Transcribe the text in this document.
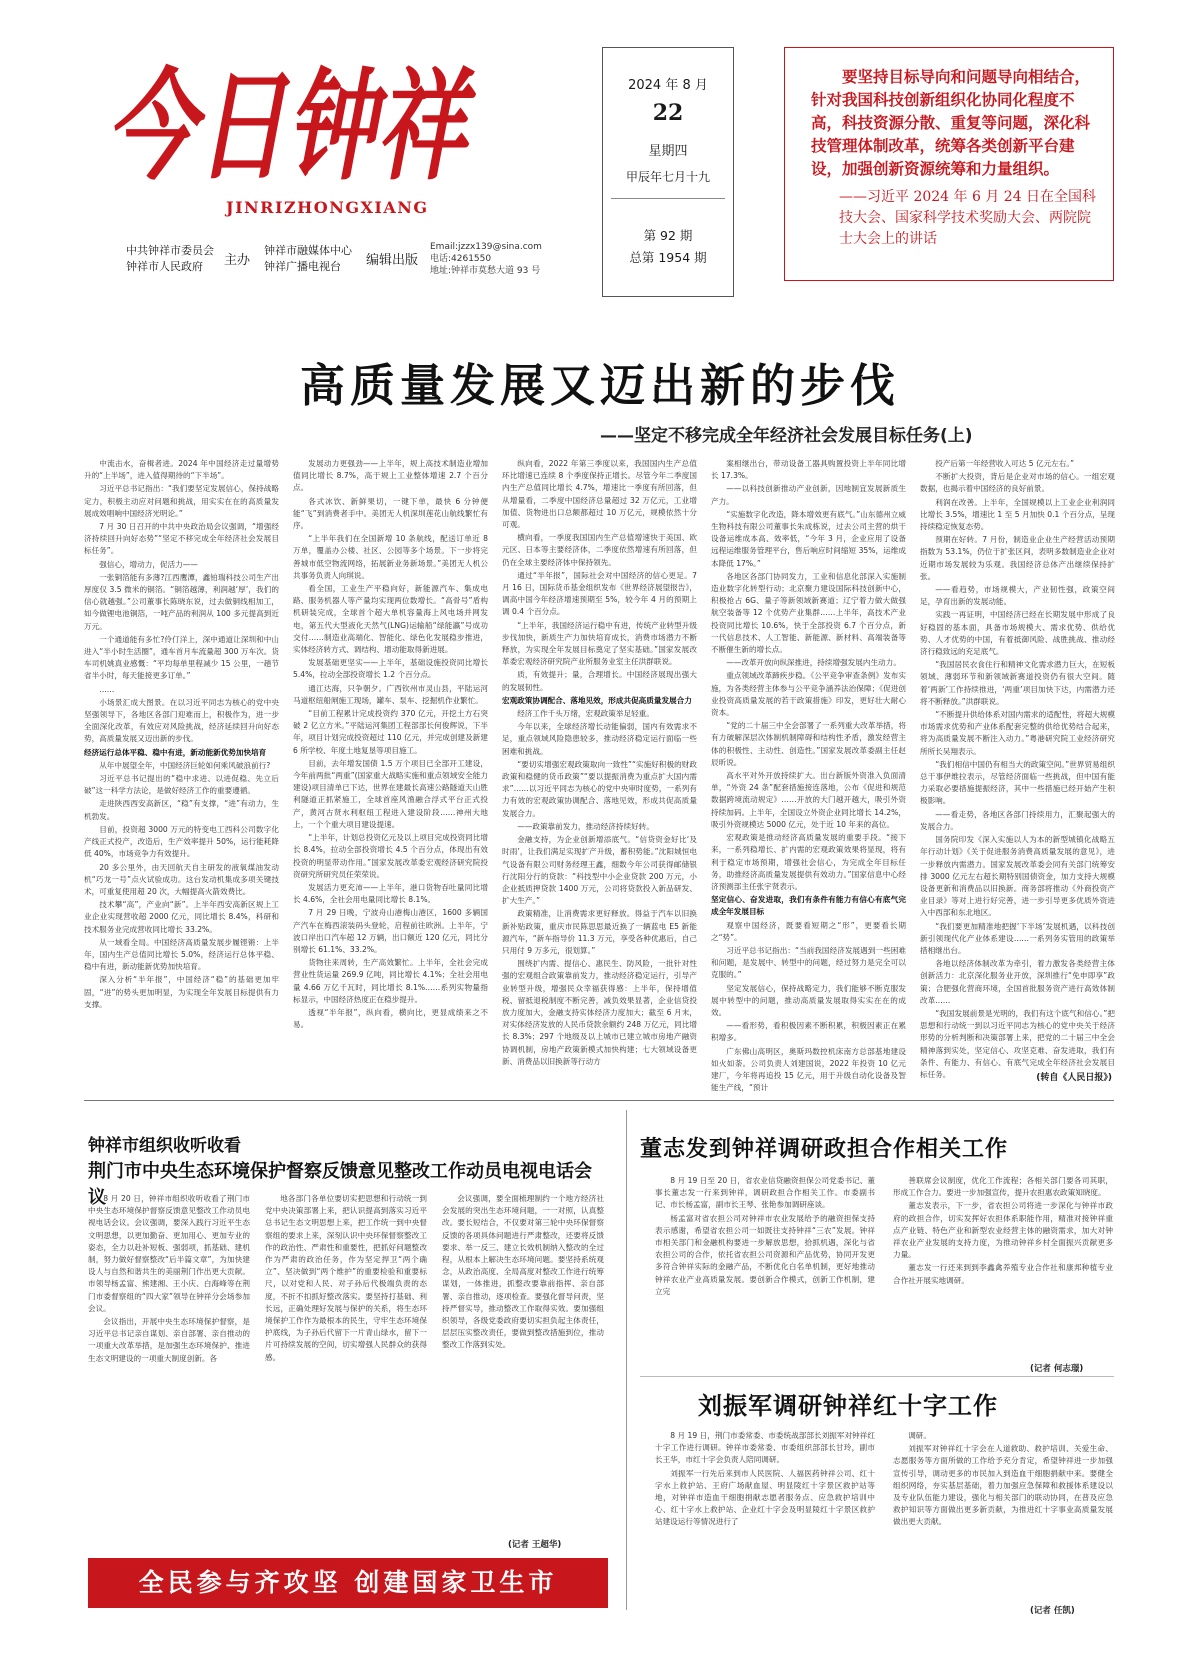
今日钟祥
JINRIZHONGXIANG
中共钟祥市委员会
钟祥市人民政府	主办
钟祥市融媒体中心
钟祥广播电视台	编辑出版
Email:jzzx139@sina.com
电话:4261550
地址:钟祥市莫愁大道 93 号
2024 年 8 月
22
星期四
甲辰年七月十九
第 92 期
总第 1954 期
要坚持目标导向和问题导向相结合，针对我国科技创新组织化协同化程度不高，科技资源分散、重复等问题，深化科技管理体制改革，统筹各类创新平台建设，加强创新资源统筹和力量组织。
——习近平 2024 年 6 月 24 日在全国科技大会、国家科学技术奖励大会、两院院士大会上的讲话
高质量发展又迈出新的步伐
——坚定不移完成全年经济社会发展目标任务(上)

中流击水，奋楫者进。2024 年中国经济走过量增势升的“上半场”，进入值得期待的“下半场”。

习近平总书记指出：“我们要坚定发展信心，保持战略定力，积极主动应对问题和挑战，用实实在在的高质量发展成效唱响中国经济光明论。”

7 月 30 日召开的中共中央政治局会议强调，“增强经济持续回升向好态势”“坚定不移完成全年经济社会发展目标任务”。

强信心，增动力，促活力——

一张铜箔能有多薄?江西鹰潭，鑫铂瑞科技公司生产出厚度仅 3.5 微米的铜箔。“铜箔越薄，利润越‘厚’，我们的信心就越强。”公司董事长陈晓东说，过去做铜线相加工，如今做锂电池铜箔，一吨产品的利润从 100 多元提高到近万元。

一个通道能有多忙?伶仃洋上，深中通道让深圳和中山进入“半小时生活圈”，通车首月车流量超 300 万车次。货车司机姚真业感慨：“平均每单里程减少 15 公里，一趟节省半小时，每天能接更多订单。”

……

小场景汇成大图景。在以习近平同志为核心的党中央坚强领导下，各地区各部门迎难而上，积极作为，进一步全面深化改革，有效应对风险挑战，经济延续回升向好态势，高质量发展又迈出新的步伐。

经济运行总体平稳、稳中有进，新动能新优势加快培育

从年中展望全年，中国经济巨轮如何乘风破浪前行?

习近平总书记提出的“稳中求进、以进促稳、先立后破”这一科学方法论，是做好经济工作的重要遵循。

走进陕西西安高新区，“稳”有支撑，“进”有动力，生机勃发。

目前，投资超 3000 万元的特变电工西科公司数字化产线正式投产，改造后，生产效率提升 50%，运行能耗降低 40%，市场竞争力有效提升。

20 多公里外，由天回航天自主研发的液氧煤油发动机“巧龙一号”点火试验成功。这台发动机集成多项关键技术，可重复使用超 20 次，大幅提高火箭效费比。

技术攀“高”，产业向“新”。上半年西安高新区规上工业企业实现营收超 2000 亿元，同比增长 8.4%，科研和技术服务业完成营收同比增长 33.2%。

从一域看全局。中国经济高质量发展步履铿锵：上半年，国内生产总值同比增长 5.0%，经济运行总体平稳、稳中有进，新动能新优势加快培育。

深入分析“半年报”，中国经济“稳”的基础更加牢固，“进”的势头更加明显，为实现全年发展目标提供有力支撑。

发展动力更强劲——上半年，规上高技术制造业增加值同比增长 8.7%，高于规上工业整体增速 2.7 个百分点。

各式冰饮、新鲜果切，一键下单，最快 6 分钟便能“飞”到消费者手中。美团无人机深圳莲花山航线繁忙有序。

“上半年我们在全国新增 10 条航线，配送订单近 8 万单，覆盖办公楼、社区、公园等多个场景。下一步将完善城市低空物流网络，拓展新业务新场景。”美团无人机公共事务负责人向琪说。

看全国，工业生产平稳向好，新能源汽车、集成电路、服务机器人等产量均实现两位数增长。“高骨号”盾构机研装完成，全球首个超大单机容量海上风电场并网发电，第五代大型液化天然气(LNG)运输船“绿能瀛”号成功交付……制造业高端化、智能化、绿色化发展稳步推进，实体经济转方式、调结构、增动能取得新进展。

发展基础更坚实——上半年，基础设施投资同比增长 5.4%，拉动全部投资增长 1.2 个百分点。

通江达海，只争朝夕。广西钦州市灵山县，平陆运河马道枢纽船闸施工现场，罐车、泵车、挖掘机作业繁忙。

“目前工程累计完成投资约 370 亿元，开挖土方石突破 2 亿立方米。”平陆运河集团工程部部长何俊辉说，下半年，项目计划完成投资超过 110 亿元，并完成创建及新建 6 所学校、年度土地复垦等项目施工。

目前，去年增发国债 1.5 万个项目已全部开工建设，今年前两批“两重”(国家重大战略实施和重点领域安全能力建设)项目清单已下达，世界在建最长高速公路隧道天山胜利隧道正抓紧施工，全球首座风渔融合浮式平台正式投产，黄河古贤水利枢纽工程进入建设阶段……神州大地上，一个个重大项目建设提速。

“上半年，计划总投资亿元及以上项目完成投资同比增长 8.4%，拉动全部投资增长 4.5 个百分点，体现出有效投资的明显带动作用。”国家发展改革委宏观经济研究院投资研究所研究员任荣荣说。

发展活力更充沛——上半年，港口货物吞吐量同比增长 4.6%，全社会用电量同比增长 8.1%。

7 月 29 日晚，宁波舟山港梅山港区，1600 多辆国产汽车在梅西滚装码头登轮，启程前往欧洲。上半年，宁波口岸出口汽车超 12 万辆，出口额近 120 亿元，同比分别增长 61.1%、33.2%。

货物往来周转，生产高效繁忙。上半年，全社会完成营业性货运量 269.9 亿吨，同比增长 4.1%；全社会用电量 4.66 万亿千瓦时，同比增长 8.1%……系列实物量指标显示，中国经济热度正在稳步提升。

透视“半年报”，纵向看，横向比，更显成绩来之不易。

纵向看，2022 年第三季度以来，我国国内生产总值环比增速已连续 8 个季度保持正增长。尽管今年二季度国内生产总值同比增长 4.7%，增速比一季度有所回落，但从增量看，二季度中国经济总量超过 32 万亿元，工业增加值、货物进出口总额都超过 10 万亿元，规模依然十分可观。

横向看，一季度我国国内生产总值增速快于美国、欧元区、日本等主要经济体，二季度依然增速有所回落，但仍在全球主要经济体中保持领先。

通过“半年报”，国际社会对中国经济的信心更足。7 月 16 日，国际货币基金组织发布《世界经济展望报告》，调高中国今年经济增速预期至 5%，较今年 4 月的预期上调 0.4 个百分点。

“上半年，我国经济运行稳中有进，传统产业转型升级步伐加快，新质生产力加快培育成长，消费市场潜力不断释放，为实现全年发展目标奠定了坚实基础。”国家发展改革委宏观经济研究院产业所服务业室主任洪群联说。

质，有效提升；量，合理增长。中国经济展现出强大的发展韧性。

宏观政策协调配合、落地见效，形成共促高质量发展合力

经济工作千头万绪，宏观政策举足轻重。

今年以来，全球经济增长动能偏弱，国内有效需求不足，重点领域风险隐患较多，推动经济稳定运行面临一些困难和挑战。

“要切实增强宏观政策取向一致性”“实施好积极的财政政策和稳健的货币政策”“要以提振消费为重点扩大国内需求”……以习近平同志为核心的党中央审时度势，一系列有力有效的宏观政策协调配合、落地见效，形成共促高质量发展合力。

——政策靠前发力，推动经济持续好转。

金融支持，为企业创新增添底气。“信贷资金好比‘及时雨’，让我们满足实现扩产升级，蓄积势能。”沈阳城恒电气设备有限公司财务经理王鑫，细数今年公司获得邮储银行沈阳分行的贷款：“科技型中小企业贷款 200 万元，小企业抵质押贷款 1400 万元，公司将贷款投入新品研发、扩大生产。”

政策精准，让消费需求更好释放。得益于汽车以旧换新补贴政策，重庆市民陈思思最近换了一辆蓝电 E5 新能源汽车，“新车指导价 11.3 万元，享受各种优惠后，自己只用付 9 万多元，很划算。”

围绕扩内需、提信心、惠民生、防风险，一批针对性强的宏观组合政策靠前发力，推动经济稳定运行，引导产业转型升级，增强民众幸福获得感：上半年，保持增值税、留抵退税制度不断完善，减负效果显著，企业信贷投放力度加大，金融支持实体经济力度加大；截至 6 月末，对实体经济发放的人民币贷款余额约 248 万亿元，同比增长 8.3%；297 个地级及以上城市已建立城市房地产融资协调机制，房地产政策新模式加快构建；七大领域设备更新、消费品以旧换新等行动方

案相继出台，带动设备工器具购置投资上半年同比增长 17.3%。

——以科技创新推动产业创新，因地制宜发展新质生产力。

“实施数字化改造，降本增效更有底气。”山东德州立威生物科技有限公司董事长朱成栋说，过去公司主营的烘干设备运维成本高、效率低，“今年 3 月，企业应用了设备远程运维服务管理平台，售后响应时间缩短 35%，运维成本降低 17%。”

各地区各部门协同发力，工业和信息化部深入实施制造业数字化转型行动；北京聚力建设国际科技创新中心，积极抢占 6G、量子等新领域新赛道；辽宁着力做大做强航空装备等 12 个优势产业集群……上半年，高技术产业投资同比增长 10.6%，快于全部投资 6.7 个百分点，新一代信息技术、人工智能、新能源、新材料、高端装备等不断催生新的增长点。

——改革开放向纵深推进，持续增强发展内生动力。

重点领域改革蹄疾步稳。《公平竞争审查条例》发布实施，为各类经营主体参与公平竞争涵养法治保障；《促进创业投资高质量发展的若干政策措施》印发，更好壮大耐心资本。

“党的二十届三中全会部署了一系列重大改革举措，将有力破解深层次体制机制障碍和结构性矛盾，激发经营主体的积极性、主动性、创造性。”国家发展改革委副主任赵辰昕说。

高水平对外开放持续扩大。出台新版外资准入负面清单，“外资 24 条”配套措施接连落地，公布《促进和规范数据跨境流动规定》……开放的大门越开越大，吸引外资持续加码。上半年，全国设立外资企业同比增长 14.2%，吸引外资规模达 5000 亿元，处于近 10 年来的高位。

宏观政策是推动经济高质量发展的重要手段。“接下来，一系列稳增长、扩内需的宏观政策效果将显现，将有利于稳定市场预期，增强社会信心，为完成全年目标任务，助推经济高质量发展提供有效动力。”国家信息中心经济预测部主任张宇贤表示。

坚定信心、奋发进取，我们有条件有能力有信心有底气完成全年发展目标

观察中国经济，既要看短期之“形”，更要看长期之“势”。

习近平总书记指出：“当前我国经济发展遇到一些困难和问题，是发展中、转型中的问题，经过努力是完全可以克服的。”

坚定发展信心，保持战略定力，我们能够不断克服发展中转型中的问题，推动高质量发展取得实实在在的成效。

——看形势，看积极因素不断积累，积极因素正在累积增多。

广东佛山高明区，奥斯玛数控机床南方总部基地建设如火如荼。公司负责人刘建国说，2022 年投资 10 亿元建厂，今年将再追投 15 亿元，用于升级自动化设备及智能生产线，“预计

投产后第一年经营收入可达 5 亿元左右。”

不断扩大投资，背后是企业对市场的信心。一组宏观数据，也揭示着中国经济的良好前景。

利润在改善。上半年，全国规模以上工业企业利润同比增长 3.5%，增速比 1 至 5 月加快 0.1 个百分点，呈现持续稳定恢复态势。

预期在好转。7 月份，制造业企业生产经营活动预期指数为 53.1%，仍位于扩张区间，表明多数制造业企业对近期市场发展较为乐观。我国经济总体产出继续保持扩张。

——看趋势，市场规模大，产业韧性强，政策空间足，孕育出新的发展动能。

实践一再证明，中国经济已经在长期发展中形成了良好稳固的基本面，具备市场规模大、需求优势、供给优势、人才优势的中国，有着抵御风险、战胜挑战、推动经济行稳致远的充足底气。

“我国居民衣食住行和精神文化需求潜力巨大，在短板领域、薄弱环节和新领域新赛道投资仍有很大空间。随着‘两新’工作持续推进，‘两重’项目加快下达，内需潜力还将不断释放。”洪群联说。

“不断提升供给体系对国内需求的适配性，将超大规模市场需求优势和产业体系配套完整的供给优势结合起来，将为高质量发展不断注入动力。”粤港研究院工业经济研究所所长吴翔表示。

“我们相信中国仍有相当大的政策空间。”世界贸易组织总干事伊维拉表示，尽管经济面临一些挑战，但中国有能力采取必要措施提振经济，其中一些措施已经开始产生积极影响。

——看走势，各地区各部门持续用力，汇聚起强大的发展合力。

国务院印发《深入实施以人为本的新型城镇化战略五年行动计划》《关于促进服务消费高质量发展的意见》，进一步释放内需潜力。国家发展改革委会同有关部门统筹安排 3000 亿元左右超长期特别国债资金，加力支持大规模设备更新和消费品以旧换新。商务部将推动《外商投资产业目录》等对上进行好完善，进一步引导更多优质外资进入中西部和东北地区。

“我们要更加精准地把握‘下半场’发展机遇，以科技创新引领现代化产业体系建设……一系列务实管用的政策举措相继出台。

各地以经济体制改革为牵引，着力激发各类经营主体创新活力：北京深化服务业开放，深圳推行“免申即享”政策；合肥强化营商环境，全国首批服务资产进行高效体制改革……

“我国发展前景是光明的，我们有这个底气和信心。”把思想和行动统一到以习近平同志为核心的党中央关于经济形势的分析判断和决策部署上来，把党的二十届三中全会精神落到实处，坚定信心、攻坚克难、奋发进取，我们有条件、有能力、有信心、有底气完成全年经济社会发展目标任务。	(转自《人民日报》)
钟祥市组织收听收看
荆门市中央生态环境保护督察反馈意见整改工作动员电视电话会议

8 月 20 日，钟祥市组织收听收看了荆门市中央生态环境保护督察反馈意见整改工作动员电视电话会议。会议强调，要深入践行习近平生态文明思想，以更加勤奋、更加用心、更加专业的姿态，全力以赴补短板、强弱项，抓基础、建机制，努力做好督察整改“后半篇文章”，为加快建设人与自然和谐共生的美丽荆门作出更大贡献。市领导杨孟富、熊建湘、王小庆、白海峰等在荆门市委督察组的“四大家”领导在钟祥分会场参加会议。

会议指出，开展中央生态环境保护督察，是习近平总书记亲自谋划、亲自部署、亲自推动的一项重大改革举措，是加强生态环境保护、推进生态文明建设的一项重大制度创新。各

地各部门各单位要切实把思想和行动统一到党中央决策部署上来，把认识提高到落实习近平总书记生态文明思想上来，把工作统一到中央督察组的要求上来，深刻认识中央环保督察整改工作的政治性、严肃性和重要性，把抓好问题整改作为严肃的政治任务，作为坚定捍卫“两个确立”、坚决做到“两个维护”的重要检验和重要标尺，以对党和人民、对子孙后代极端负责的态度，不折不扣抓好整改落实。要坚持打基础、利长远，正确处理好发展与保护的关系，将生态环境保护工作作为最根本的民生，守牢生态环境保护底线，为子孙后代留下一片青山绿水，留下一片可持续发展的空间，切实增强人民群众的获得感。

会议强调，要全面梳理制约一个地方经济社会发展的突出生态环境问题，一一对照，认真整改。要长短结合，不仅要对第三轮中央环保督察反馈的各项具体问题进行严肃整改，还要将反馈要求、举一反三、建立长效机制纳入整改的全过程，从根本上解决生态环境问题。要坚持系统观念，从政治高度、全局高度对整改工作进行统筹谋划，一体推进，抓整改要靠前指挥、亲自部署、亲自推动，逐项检查。要强化督导问责，坚持严督实导，推动整改工作取得实效。要加强组织领导，各级党委政府要切实担负起主体责任，层层压实整改责任，要做到整改措施到位，推动整改工作落到实处。

(记者 王超华)
全民参与齐攻坚 创建国家卫生市
董志发到钟祥调研政担合作相关工作

8 月 19 日至 20 日，省农业信贷融资担保公司党委书记、董事长董志发一行来到钟祥，调研政担合作相关工作。市委副书记、市长杨孟富，副市长王琴、张艳参加调研座谈。

杨孟富对省农担公司对钟祥市农业发展给予的融资担保支持表示感谢，希望省农担公司一如既往支持钟祥“三农”发展。钟祥市相关部门和金融机构要进一步解放思想，拾抓机遇，深化与省农担公司的合作，依托省农担公司资源和产品优势，协同开发更多符合钟祥实际的金融产品，不断优化白名单机制，更好地推动钟祥农业产业高质量发展。要创新合作模式，创新工作机制，建立完

善联席会议制度，优化工作流程；各相关部门要各司其职，形成工作合力。要进一步加强宣传，提升农担惠农政策知晓度。

董志发表示，下一步，省农担公司将进一步深化与钟祥市政府的政担合作，切实发挥好农担体系职能作用，精准对接钟祥重点产业链、特色产业和新型农业经营主体的融资需求，加大对钟祥农业产业发展的支持力度，为推动钟祥乡村全面振兴贡献更多力量。

董志发一行还来到到李鑫禽养殖专业合作社和康邦种植专业合作社开展实地调研。

(记者 何志璟)
刘振军调研钟祥红十字工作

8 月 19 日，荆门市委常委、市委统战部部长刘振军对钟祥红十字工作进行调研。钟祥市委常委、市委组织部部长甘玲，副市长王华，市红十字会负责人陪同调研。

刘振军一行先后来到市人民医院、人福医药钟祥公司、红十字水上救护站、王府广场献血屋、明显陵红十字景区救护站等地，对钟祥市造血干细胞捐献志愿者服务点、应急救护培训中心、红十字水上救护站、企业红十字会及明显陵红十字景区救护站建设运行等情况进行了

调研。

刘振军对钟祥红十字会在人道救助、救护培训、关爱生命、志愿服务等方面所做的工作给予充分肯定，希望钟祥进一步加强宣传引导，调动更多的市民加入到造血干细胞捐献中来。要健全组织网络，夯实基层基础，着力加强应急保障和救援体系建设以及专业队伍能力建设，强化与相关部门的联动协同，在普及应急救护知识等方面做出更多新贡献，为推进红十字事业高质量发展做出更大贡献。

(记者 任凯)
